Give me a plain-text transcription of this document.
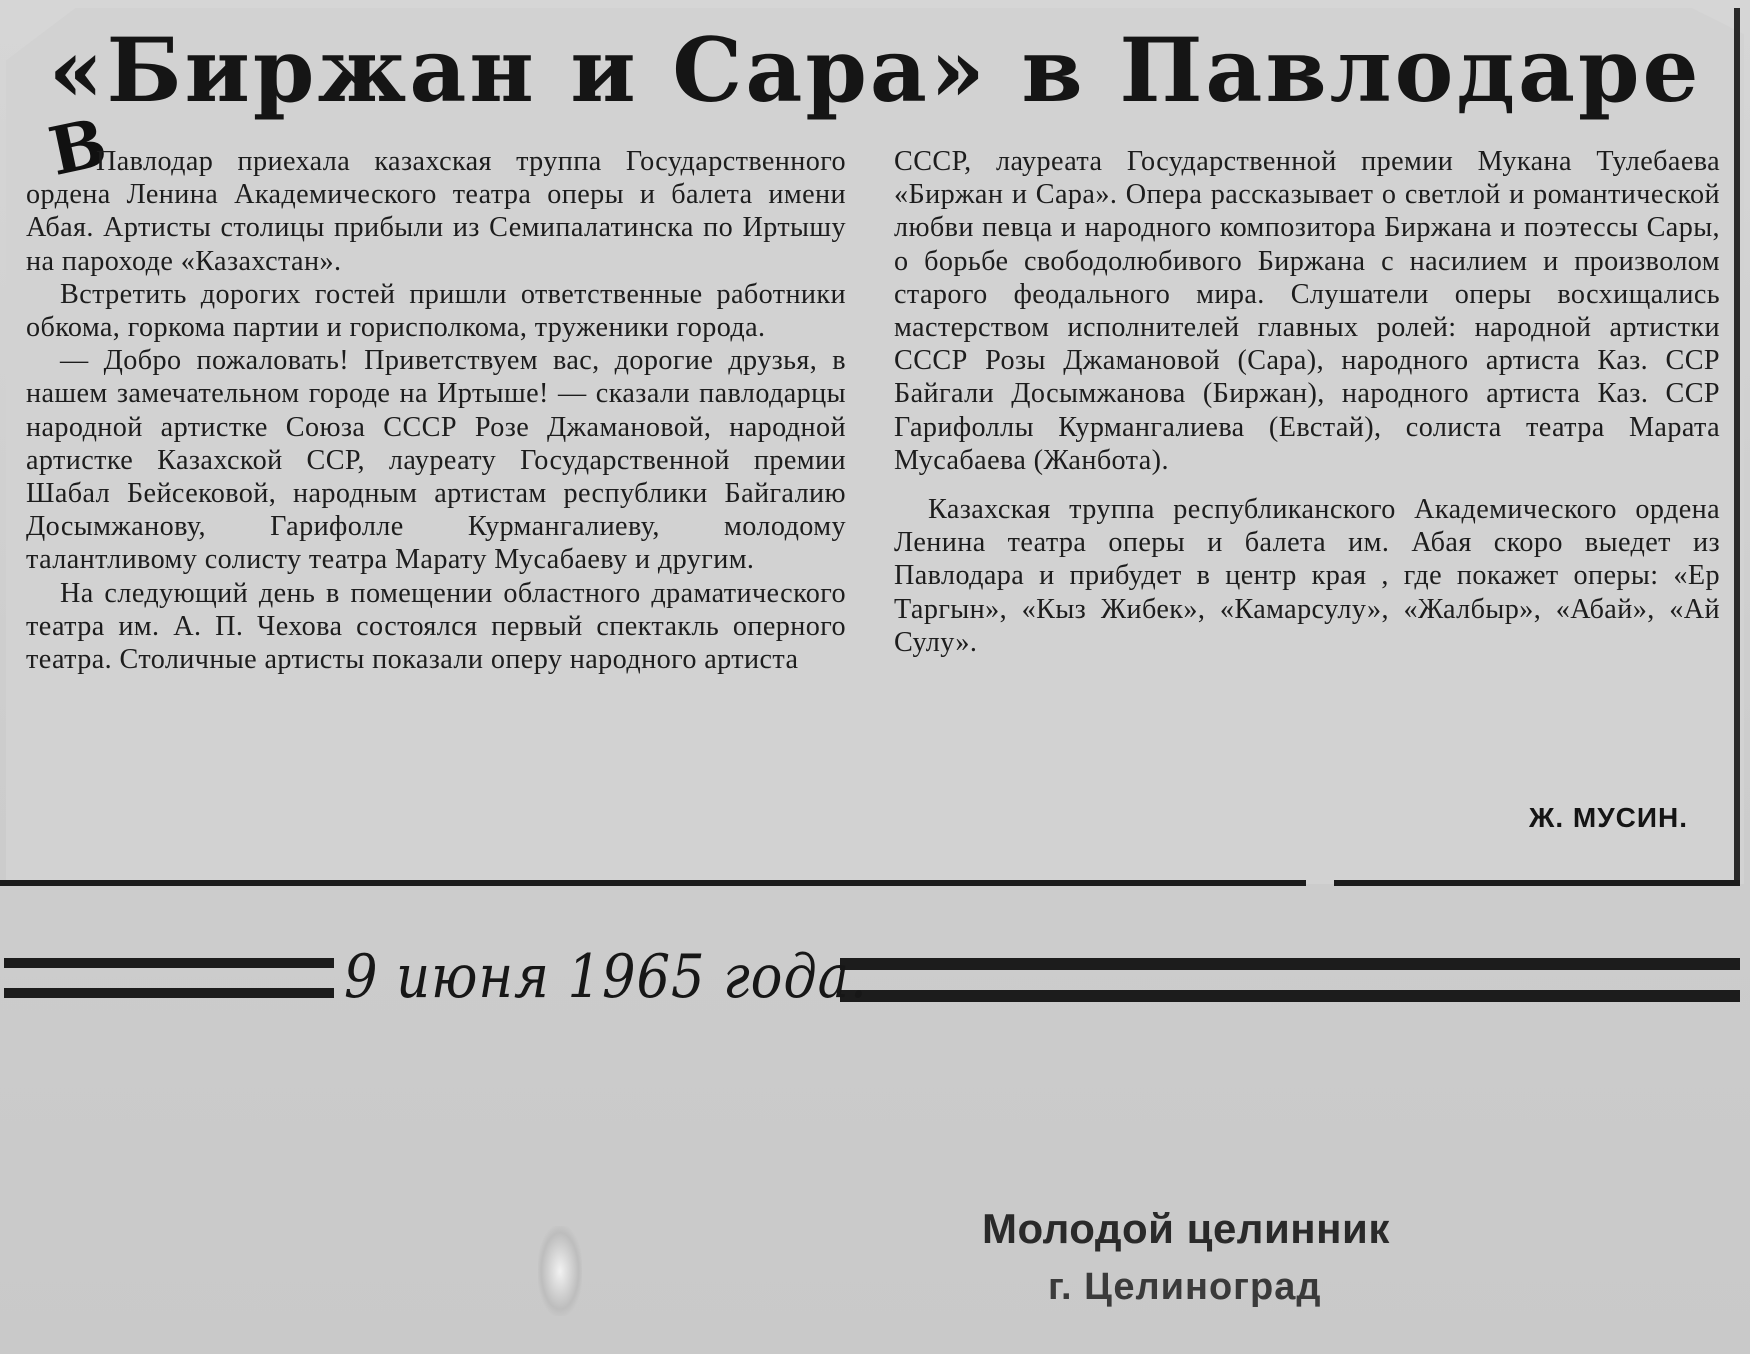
«Биржан и Сара» в Павлодаре
В

Павлодар приехала казахская труппа Государственного ордена Ленина Академического театра оперы и балета имени Абая. Артисты столицы прибыли из Семипалатинска по Иртышу на пароходе «Казахстан».

Встретить дорогих гостей пришли ответственные работники обкома, горкома партии и горисполкома, труженики города.

— Добро пожаловать! Приветствуем вас, дорогие друзья, в нашем замечательном городе на Иртыше! — сказали павлодарцы народной артистке Союза СССР Розе Джамановой, народной артистке Казахской ССР, лауреату Государственной премии Шабал Бейсековой, народным артистам республики Байгалию Досымжанову, Гарифолле Курмангалиеву, молодому талантливому солисту театра Марату Мусабаеву и другим.

На следующий день в помещении областного драматического театра им. А. П. Чехова состоялся первый спектакль оперного театра. Столичные артисты показали оперу народного артиста

СССР, лауреата Государственной премии Мукана Тулебаева «Биржан и Сара». Опера рассказывает о светлой и романтической любви певца и народного композитора Биржана и поэтессы Сары, о борьбе свободолюбивого Биржана с насилием и произволом старого феодального мира. Слушатели оперы восхищались мастерством исполнителей главных ролей: народной артистки СССР Розы Джамановой (Сара), народного артиста Каз. ССР Байгали Досымжанова (Биржан), народного артиста Каз. ССР Гарифоллы Курмангалиева (Евстай), солиста театра Марата Мусабаева (Жанбота).

Казахская труппа республиканского Академического ордена Ленина театра оперы и балета им. Абая скоро выедет из Павлодара и прибудет в центр края , где покажет оперы: «Ер Таргын», «Кыз Жибек», «Камарсулу», «Жалбыр», «Абай», «Ай Сулу».

Ж. МУСИН.
9 июня 1965 года.
Молодой целинник
г. Целиноград
